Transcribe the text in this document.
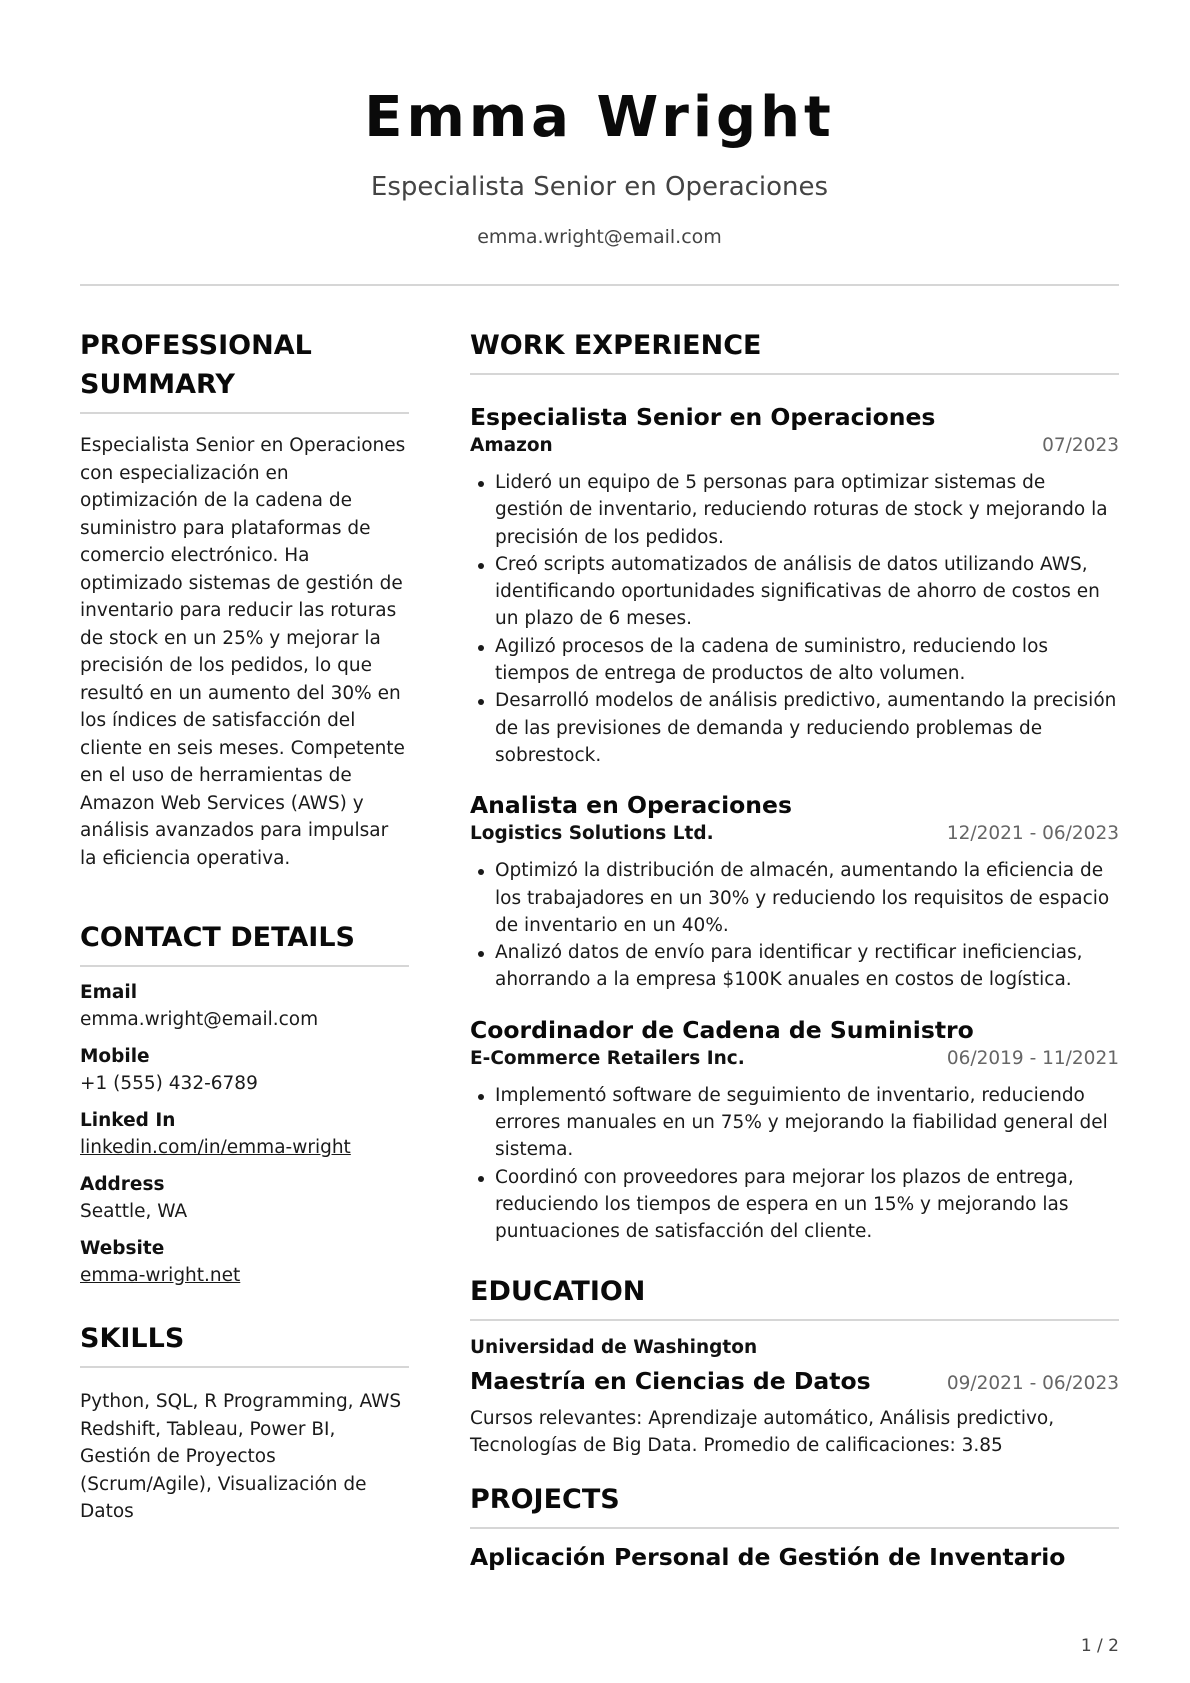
Emma Wright
Especialista Senior en Operaciones
emma.wright@email.com
PROFESSIONAL SUMMARY
Especialista Senior en Operaciones con especialización en optimización de la cadena de suministro para plataformas de comercio electrónico. Ha optimizado sistemas de gestión de inventario para reducir las roturas de stock en un 25% y mejorar la precisión de los pedidos, lo que resultó en un aumento del 30% en los índices de satisfacción del cliente en seis meses. Competente en el uso de herramientas de Amazon Web Services (AWS) y análisis avanzados para impulsar la eficiencia operativa.
CONTACT DETAILS
Email
emma.wright@email.com
Mobile
+1 (555) 432-6789
Linked In
linkedin.com/in/emma-wright
Address
Seattle, WA
Website
emma-wright.net
SKILLS
Python, SQL, R Programming, AWS Redshift, Tableau, Power BI, Gestión de Proyectos (Scrum/Agile), Visualización de Datos
WORK EXPERIENCE
Especialista Senior en Operaciones
Amazon	07/2023
Lideró un equipo de 5 personas para optimizar sistemas de gestión de inventario, reduciendo roturas de stock y mejorando la precisión de los pedidos.
Creó scripts automatizados de análisis de datos utilizando AWS, identificando oportunidades significativas de ahorro de costos en un plazo de 6 meses.
Agilizó procesos de la cadena de suministro, reduciendo los tiempos de entrega de productos de alto volumen.
Desarrolló modelos de análisis predictivo, aumentando la precisión de las previsiones de demanda y reduciendo problemas de sobrestock.
Analista en Operaciones
Logistics Solutions Ltd.	12/2021 - 06/2023
Optimizó la distribución de almacén, aumentando la eficiencia de los trabajadores en un 30% y reduciendo los requisitos de espacio de inventario en un 40%.
Analizó datos de envío para identificar y rectificar ineficiencias, ahorrando a la empresa $100K anuales en costos de logística.
Coordinador de Cadena de Suministro
E-Commerce Retailers Inc.	06/2019 - 11/2021
Implementó software de seguimiento de inventario, reduciendo errores manuales en un 75% y mejorando la fiabilidad general del sistema.
Coordinó con proveedores para mejorar los plazos de entrega, reduciendo los tiempos de espera en un 15% y mejorando las puntuaciones de satisfacción del cliente.
EDUCATION
Universidad de Washington
Maestría en Ciencias de Datos	09/2021 - 06/2023
Cursos relevantes: Aprendizaje automático, Análisis predictivo, Tecnologías de Big Data. Promedio de calificaciones: 3.85
PROJECTS
Aplicación Personal de Gestión de Inventario
1 / 2
